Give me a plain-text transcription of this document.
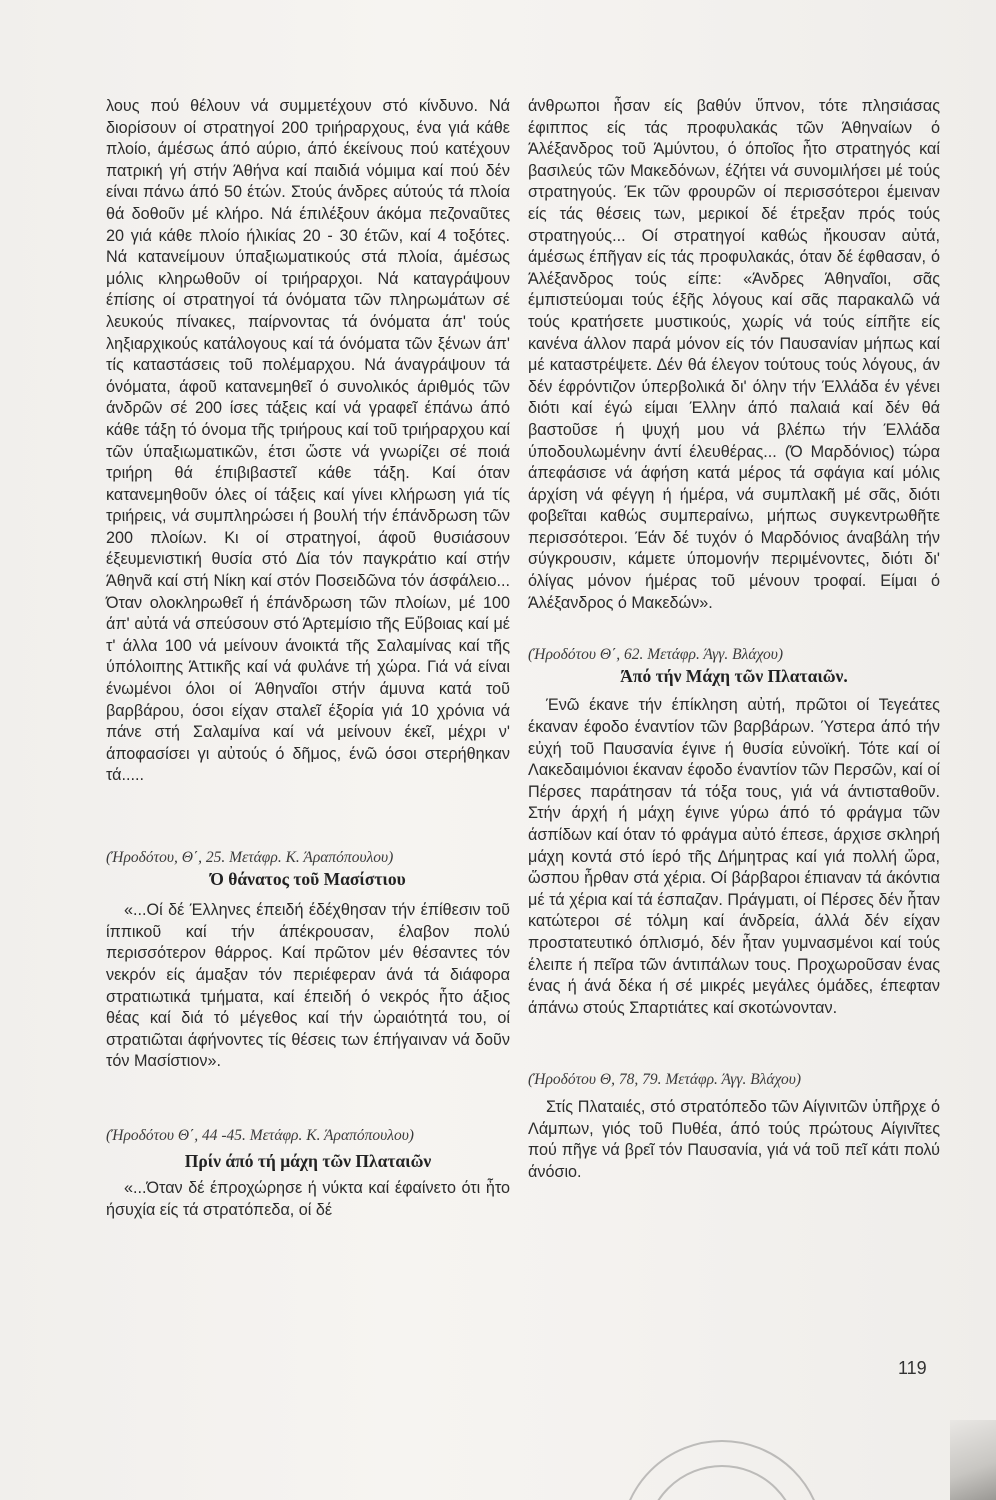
λους πού θέλουν νά συμμετέχουν στό κίνδυνο. Νά διορίσουν οί στρατηγοί 200 τριήραρχους, ένα γιά κάθε πλοίο, άμέσως άπό αύριο, άπό έκείνους πού κατέχουν πατρική γή στήν Άθήνα καί παιδιά νόμιμα καί πού δέν είναι πάνω άπό 50 έτών. Στούς άνδρες αύτούς τά πλοία θά δοθοῦν μέ κλήρο. Νά έπιλέξουν άκόμα πεζοναῦτες 20 γιά κάθε πλοίο ήλικίας 20 - 30 έτῶν, καί 4 τοξότες. Νά κατανείμουν ύπαξιωματικούς στά πλοία, άμέσως μόλις κληρωθοῦν οί τριήραρχοι. Νά καταγράψουν έπίσης οί στρατηγοί τά όνόματα τῶν πληρωμάτων σέ λευκούς πίνακες, παίρνοντας τά όνόματα άπ' τούς ληξιαρχικούς κατάλογους καί τά όνόματα τῶν ξένων άπ' τίς καταστάσεις τοῦ πολέμαρχου. Νά άναγράψουν τά όνόματα, άφοῦ κατανεμηθεῖ ό συνολικός άριθμός τῶν άνδρῶν σέ 200 ίσες τάξεις καί νά γραφεῖ έπάνω άπό κάθε τάξη τό όνομα τῆς τριήρους καί τοῦ τριήραρχου καί τῶν ύπαξιωματικῶν, έτσι ὥστε νά γνωρίζει σέ ποιά τριήρη θά έπιβιβαστεῖ κάθε τάξη. Καί όταν κατανεμηθοῦν όλες οί τάξεις καί γίνει κλήρωση γιά τίς τριήρεις, νά συμπληρώσει ή βουλή τήν έπάνδρωση τῶν 200 πλοίων. Κι οί στρατηγοί, άφοῦ θυσιάσουν έξευμενιστική θυσία στό Δία τόν παγκράτιο καί στήν Άθηνᾶ καί στή Νίκη καί στόν Ποσειδῶνα τόν άσφάλειο... Όταν ολοκληρωθεῖ ή έπάνδρωση τῶν πλοίων, μέ 100 άπ' αὐτά νά σπεύσουν στό Άρτεμίσιο τῆς Εὔβοιας καί μέ τ' άλλα 100 νά μείνουν άνοικτά τῆς Σαλαμίνας καί τῆς ύπόλοιπης Άττικῆς καί νά φυλάνε τή χώρα. Γιά νά είναι ένωμένοι όλοι οί Άθηναῖοι στήν άμυνα κατά τοῦ βαρβάρου, όσοι είχαν σταλεῖ έξορία γιά 10 χρόνια νά πάνε στή Σαλαμίνα καί νά μείνουν έκεῖ, μέχρι ν' άποφασίσει γι αὐτούς ό δῆμος, ένῶ όσοι στερήθηκαν τά.....

(Ήροδότου, Θ΄, 25. Μετάφρ. Κ. Άραπόπουλου)

Ό θάνατος τοῦ Μασίστιου

«...Οί δέ Έλληνες έπειδή έδέχθησαν τήν έπίθεσιν τοῦ ίππικοῦ καί τήν άπέκρουσαν, έλαβον πολύ περισσότερον θάρρος. Καί πρῶτον μέν θέσαντες τόν νεκρόν είς άμαξαν τόν περιέφεραν άνά τά διάφορα στρατιωτικά τμήματα, καί έπειδή ό νεκρός ἦτο άξιος θέας καί διά τό μέγεθος καί τήν ὡραιότητά του, οί στρατιῶται άφήνοντες τίς θέσεις των έπήγαιναν νά δοῦν τόν Μασίστιον».

(Ήροδότου Θ΄, 44 -45. Μετάφρ. Κ. Άραπόπουλου)

Πρίν άπό τή μάχη τῶν Πλαταιῶν

«...Όταν δέ έπροχώρησε ή νύκτα καί έφαίνετο ότι ἦτο ήσυχία είς τά στρατόπεδα, οί δέ

άνθρωποι ἦσαν είς βαθύν ὕπνον, τότε πλησιάσας έφιππος είς τάς προφυλακάς τῶν Άθηναίων ό Άλέξανδρος τοῦ Άμύντου, ό όποῖος ἦτο στρατηγός καί βασιλεύς τῶν Μακεδόνων, έζήτει νά συνομιλήσει μέ τούς στρατηγούς. Έκ τῶν φρουρῶν οί περισσότεροι έμειναν είς τάς θέσεις των, μερικοί δέ έτρεξαν πρός τούς στρατηγούς... Οί στρατηγοί καθώς ἤκουσαν αὐτά, άμέσως έπῆγαν είς τάς προφυλακάς, όταν δέ έφθασαν, ό Άλέξανδρος τούς είπε: «Άνδρες Άθηναῖοι, σᾶς έμπιστεύομαι τούς έξῆς λόγους καί σᾶς παρακαλῶ νά τούς κρατήσετε μυστικούς, χωρίς νά τούς είπῆτε είς κανένα άλλον παρά μόνον είς τόν Παυσανίαν μήπως καί μέ καταστρέψετε. Δέν θά έλεγον τούτους τούς λόγους, άν δέν έφρόντιζον ύπερβολικά δι' όλην τήν Έλλάδα έν γένει διότι καί έγώ είμαι Έλλην άπό παλαιά καί δέν θά βαστοῦσε ή ψυχή μου νά βλέπω τήν Έλλάδα ύποδουλωμένην άντί έλευθέρας... (Ό Μαρδόνιος) τώρα άπεφάσισε νά άφήση κατά μέρος τά σφάγια καί μόλις άρχίση νά φέγγη ή ήμέρα, νά συμπλακῆ μέ σᾶς, διότι φοβεῖται καθώς συμπεραίνω, μήπως συγκεντρωθῆτε περισσότεροι. Έάν δέ τυχόν ό Μαρδόνιος άναβάλη τήν σύγκρουσιν, κάμετε ύπομονήν περιμένοντες, διότι δι' όλίγας μόνον ήμέρας τοῦ μένουν τροφαί. Είμαι ό Άλέξανδρος ό Μακεδών».

(Ήροδότου Θ΄, 62. Μετάφρ. Άγγ. Βλάχου)

Άπό τήν Μάχη τῶν Πλαταιῶν.

Ένῶ έκανε τήν έπίκληση αὐτή, πρῶτοι οί Τεγεάτες έκαναν έφοδο έναντίον τῶν βαρβάρων. Ύστερα άπό τήν εὐχή τοῦ Παυσανία έγινε ή θυσία εὐνοϊκή. Τότε καί οί Λακεδαιμόνιοι έκαναν έφοδο έναντίον τῶν Περσῶν, καί οί Πέρσες παράτησαν τά τόξα τους, γιά νά άντισταθοῦν. Στήν άρχή ή μάχη έγινε γύρω άπό τό φράγμα τῶν άσπίδων καί όταν τό φράγμα αὐτό έπεσε, άρχισε σκληρή μάχη κοντά στό ίερό τῆς Δήμητρας καί γιά πολλή ὥρα, ὥσπου ἦρθαν στά χέρια. Οί βάρβαροι έπιαναν τά άκόντια μέ τά χέρια καί τά έσπαζαν. Πράγματι, οί Πέρσες δέν ἦταν κατώτεροι σέ τόλμη καί άνδρεία, άλλά δέν είχαν προστατευτικό όπλισμό, δέν ἦταν γυμνασμένοι καί τούς έλειπε ή πεῖρα τῶν άντιπάλων τους. Προχωροῦσαν ένας ένας ή άνά δέκα ή σέ μικρές μεγάλες όμάδες, έπεφταν άπάνω στούς Σπαρτιάτες καί σκοτώνονταν.

(Ήροδότου Θ, 78, 79. Μετάφρ. Άγγ. Βλάχου)

Στίς Πλαταιές, στό στρατόπεδο τῶν Αίγινιτῶν ὑπῆρχε ό Λάμπων, γιός τοῦ Πυθέα, άπό τούς πρώτους Αίγινῖτες πού πῆγε νά βρεῖ τόν Παυσανία, γιά νά τοῦ πεῖ κάτι πολύ άνόσιο.

119
